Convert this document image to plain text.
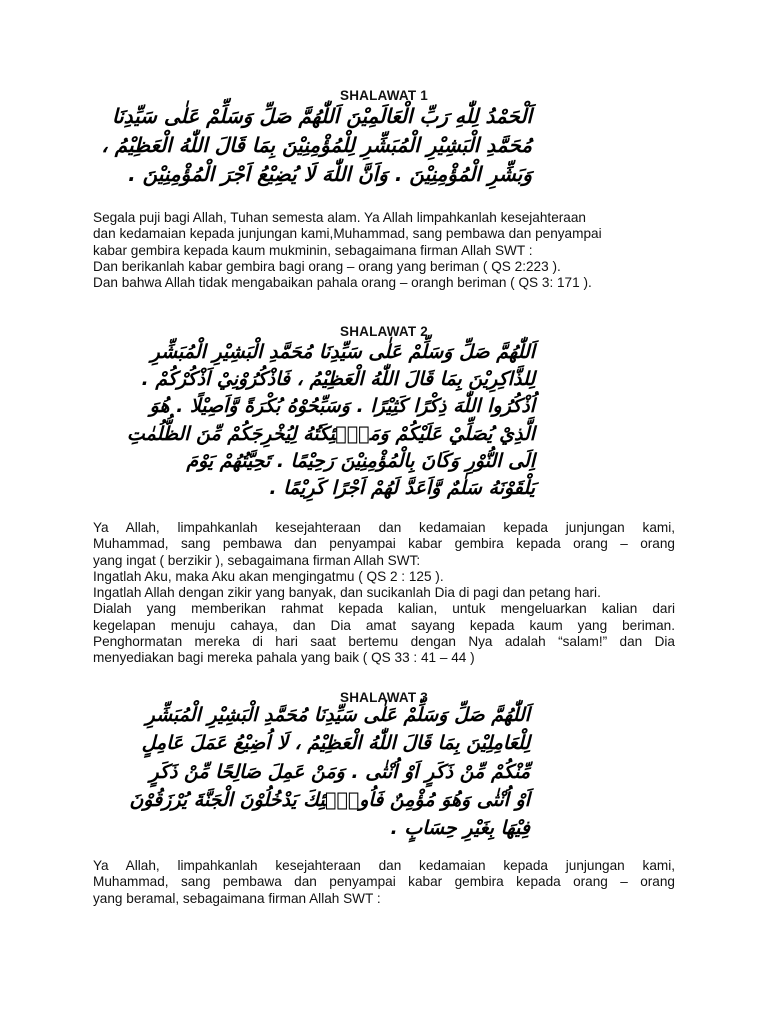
SHALAWAT 1
اَلْحَمْدُ لِلّٰهِ رَبِّ الْعَالَمِيْنَ اَللّٰهُمَّ صَلِّ وَسَلِّمْ عَلٰى سَيِّدِنَا
مُحَمَّدِ الْبَشِيْرِ الْمُبَشِّرِ لِلْمُؤْمِنِيْنَ بِمَا قَالَ اللّٰهُ الْعَظِيْمُ ،
وَبَشِّرِ الْمُؤْمِنِيْنَ . وَاَنَّ اللّٰهَ لَا يُضِيْعُ اَجْرَ الْمُؤْمِنِيْنَ .
Segala puji bagi Allah, Tuhan semesta alam. Ya Allah limpahkanlah kesejahteraan
dan kedamaian kepada junjungan kami,Muhammad, sang pembawa dan penyampai
kabar gembira kepada kaum mukminin, sebagaimana firman Allah SWT :
Dan berikanlah kabar gembira bagi orang – orang yang beriman ( QS 2:223 ).
Dan bahwa Allah tidak mengabaikan pahala orang – orangh beriman ( QS 3: 171 ).
SHALAWAT 2
اَللّٰهُمَّ صَلِّ وَسَلِّمْ عَلٰى سَيِّدِنَا مُحَمَّدِ الْبَشِيْرِ الْمُبَشِّرِ
لِلذَّاكِرِيْنَ بِمَا قَالَ اللّٰهُ الْعَظِيْمُ ، فَاذْكُرُوْنِيْ اَذْكُرْكُمْ .
اُذْكُرُوا اللّٰهَ ذِكْرًا كَثِيْرًا . وَسَبِّحُوْهُ بُكْرَةً وَّاَصِيْلًا . هُوَ
الَّذِيْ يُصَلِّيْ عَلَيْكُمْ وَمَلٰۤئِكَتُهُ لِيُخْرِجَكُمْ مِّنَ الظُّلُمٰتِ
اِلَى النُّوْرِ وَكَانَ بِالْمُؤْمِنِيْنَ رَحِيْمًا . تَحِيَّتُهُمْ يَوْمَ
يَلْقَوْنَهُ سَلٰمٌ وَّاَعَدَّ لَهُمْ اَجْرًا كَرِيْمًا .
Ya Allah, limpahkanlah kesejahteraan dan kedamaian kepada junjungan kami,
Muhammad, sang pembawa dan penyampai kabar gembira kepada orang – orang
yang ingat ( berzikir ), sebagaimana firman Allah SWT:
Ingatlah Aku, maka Aku akan mengingatmu ( QS 2 : 125 ).
Ingatlah Allah dengan zikir yang banyak, dan sucikanlah Dia di pagi dan petang hari.
Dialah yang memberikan rahmat kepada kalian, untuk mengeluarkan kalian dari
kegelapan menuju cahaya, dan Dia amat sayang kepada kaum yang beriman.
Penghormatan mereka di hari saat bertemu dengan Nya adalah “salam!” dan Dia
menyediakan bagi mereka pahala yang baik ( QS 33 : 41 – 44 )
SHALAWAT 3
اَللّٰهُمَّ صَلِّ وَسَلِّمْ عَلٰى سَيِّدِنَا مُحَمَّدِ الْبَشِيْرِ الْمُبَشِّرِ
لِلْعَامِلِيْنَ بِمَا قَالَ اللّٰهُ الْعَظِيْمُ ، لَا اُضِيْعُ عَمَلَ عَامِلٍ
مِّنْكُمْ مِّنْ ذَكَرٍ اَوْ اُنْثٰى . وَمَنْ عَمِلَ صَالِحًا مِّنْ ذَكَرٍ
اَوْ اُنْثٰى وَهُوَ مُؤْمِنٌ فَاُولٰۤئِكَ يَدْخُلُوْنَ الْجَنَّةَ يُرْزَقُوْنَ
فِيْهَا بِغَيْرِ حِسَابٍ .
Ya Allah, limpahkanlah kesejahteraan dan kedamaian kepada junjungan kami,
Muhammad, sang pembawa dan penyampai kabar gembira kepada orang – orang
yang beramal, sebagaimana firman Allah SWT :
